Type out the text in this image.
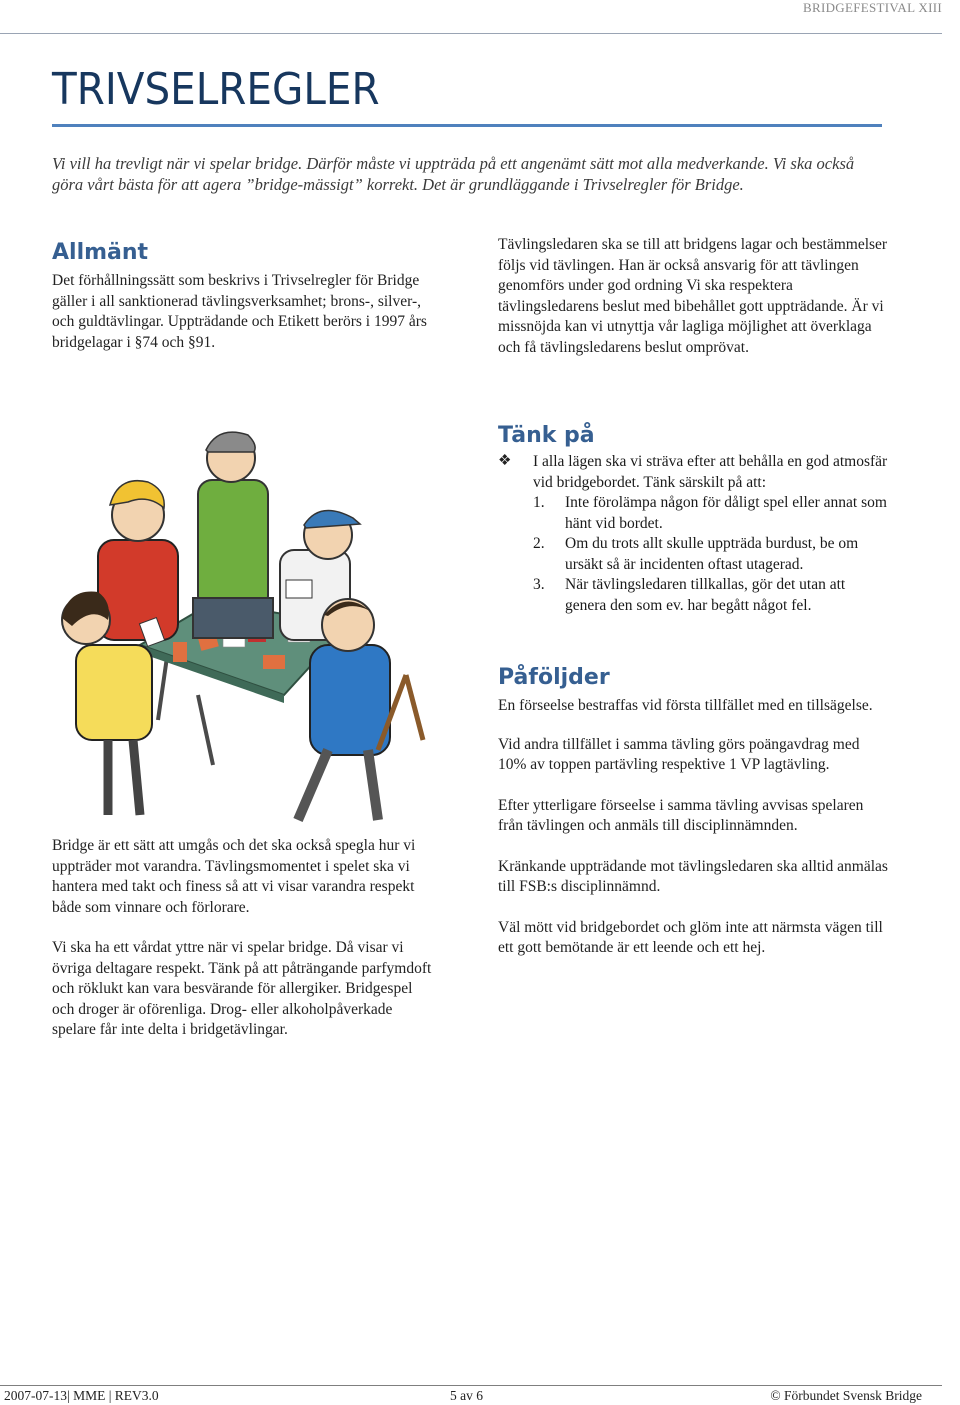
BRIDGEFESTIVAL XIII
TRIVSELREGLER

Vi vill ha trevligt när vi spelar bridge. Därför måste vi uppträda på ett angenämt sätt mot alla medverkande. Vi ska också göra vårt bästa för att agera ”bridge-mässigt” korrekt. Det är grundläggande i Trivselregler för Bridge.

Allmänt

Det förhållningssätt som beskrivs i Trivselregler för Bridge gäller i all sanktionerad tävlingsverksamhet; brons-, silver-, och guldtävlingar. Uppträdande och Etikett berörs i 1997 års bridgelagar i §74 och §91.

Tävlingsledaren ska se till att bridgens lagar och bestämmelser följs vid tävlingen. Han är också ansvarig för att tävlingen genomförs under god ordning Vi ska respektera tävlingsledarens beslut med bibehållet gott uppträdande. Är vi missnöjda kan vi utnyttja vår lagliga möjlighet att överklaga och få tävlingsledarens beslut omprövat.

Tänk på
❖ I alla lägen ska vi sträva efter att behålla en god atmosfär vid bridgebordet. Tänk särskilt på att:
1. Inte förolämpa någon för dåligt spel eller annat som hänt vid bordet.
2. Om du trots allt skulle uppträda burdust, be om ursäkt så är incidenten oftast utagerad.
3. När tävlingsledaren tillkallas, gör det utan att genera den som ev. har begått något fel.

Bridge är ett sätt att umgås och det ska också spegla hur vi uppträder mot varandra. Tävlingsmomentet i spelet ska vi hantera med takt och finess så att vi visar varandra respekt både som vinnare och förlorare.

Vi ska ha ett vårdat yttre när vi spelar bridge. Då visar vi övriga deltagare respekt. Tänk på att påträngande parfymdoft och röklukt kan vara besvärande för allergiker. Bridgespel och droger är oförenliga. Drog- eller alkoholpåverkade spelare får inte delta i bridgetävlingar.

Påföljder

En förseelse bestraffas vid första tillfället med en tillsägelse.

Vid andra tillfället i samma tävling görs poängavdrag med 10% av toppen partävling respektive 1 VP lagtävling.

Efter ytterligare förseelse i samma tävling avvisas spelaren från tävlingen och anmäls till disciplinnämnden.

Kränkande uppträdande mot tävlingsledaren ska alltid anmälas till FSB:s disciplinnämnd.

Väl mött vid bridgebordet och glöm inte att närmsta vägen till ett gott bemötande är ett leende och ett hej.

2007-07-13| MME | REV3.0	5 av 6	© Förbundet Svensk Bridge
